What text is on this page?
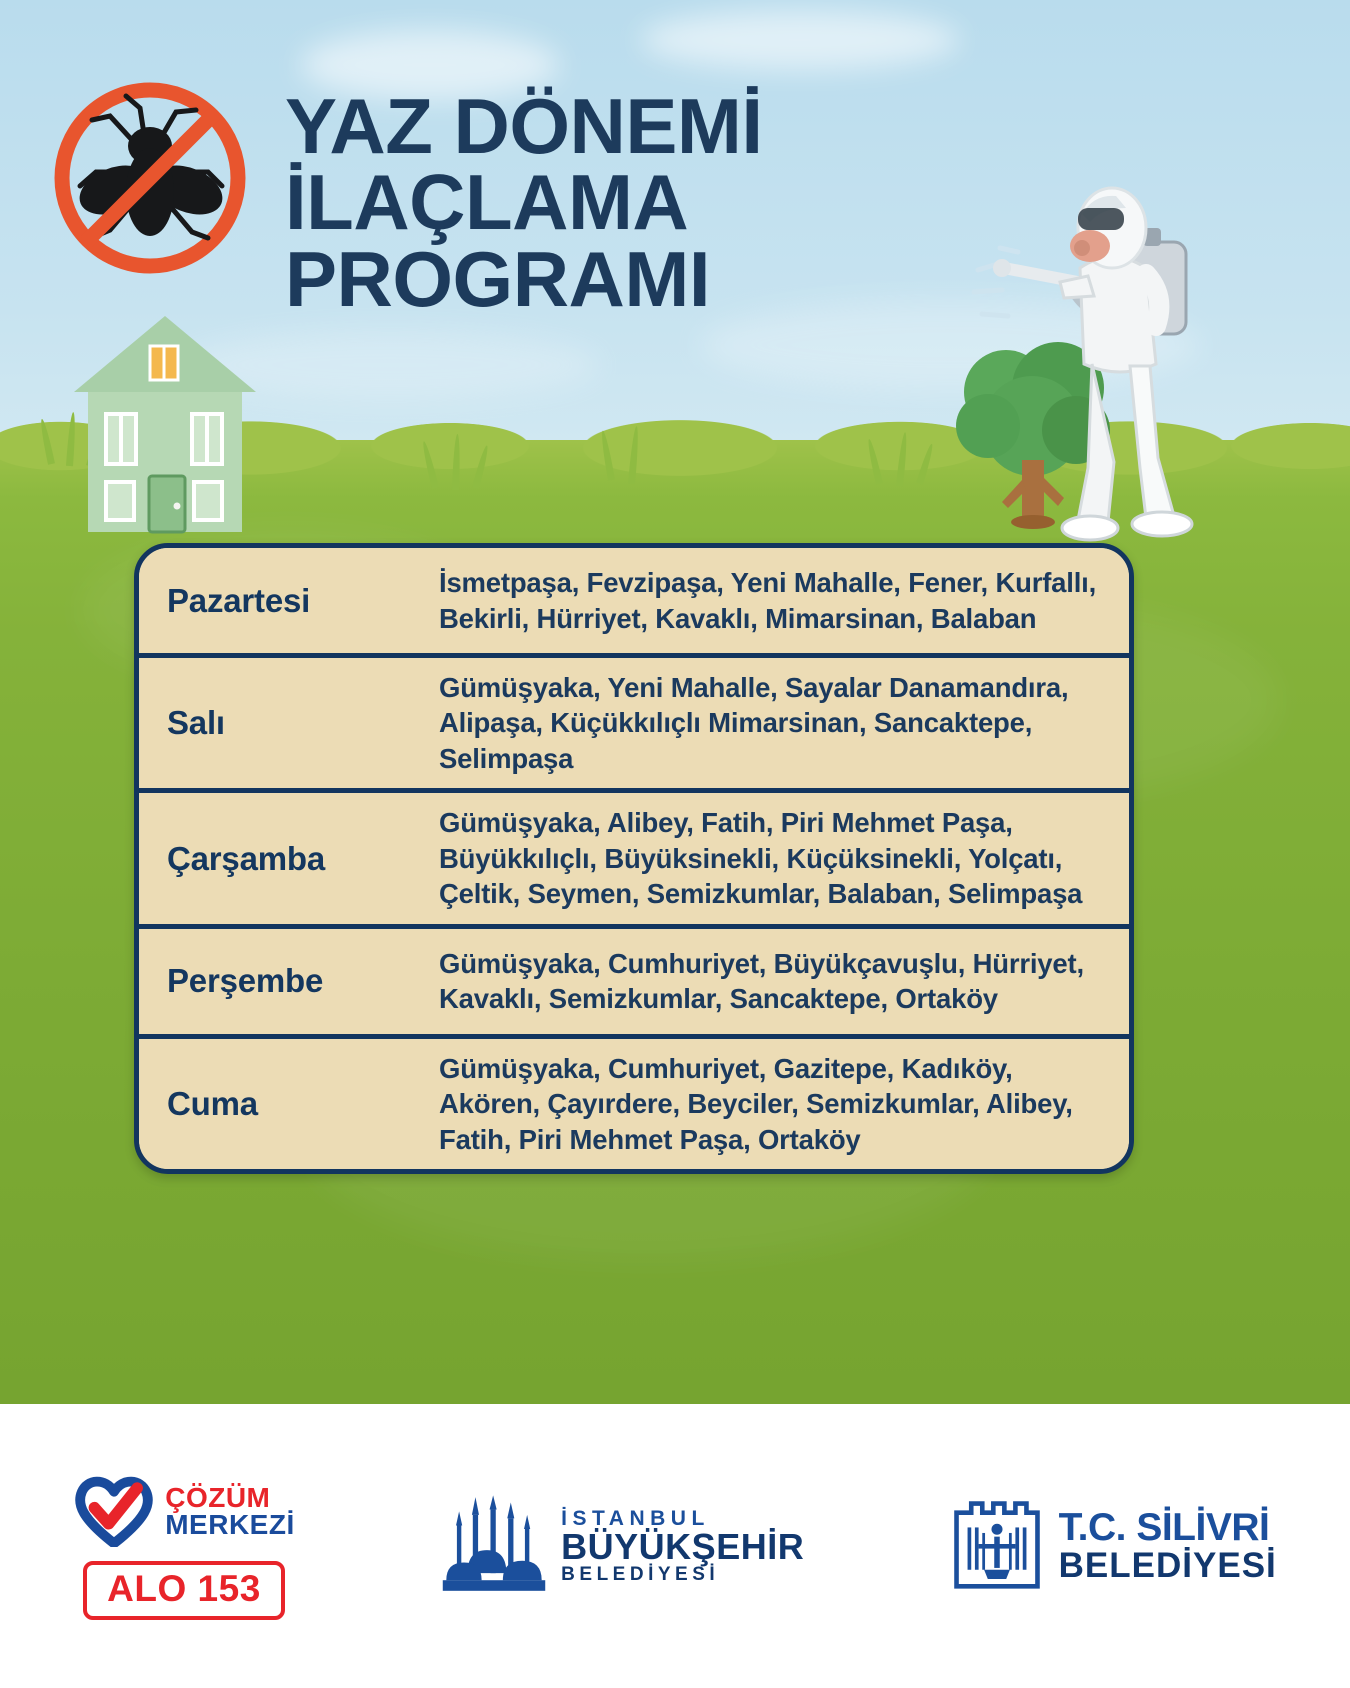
Pazartesi	İsmetpaşa, Fevzipaşa, Yeni Mahalle, Fener, Kurfallı, Bekirli, Hürriyet, Kavaklı, Mimarsinan, Balaban
Salı
Gümüşyaka, Yeni Mahalle, Sayalar Danamandıra, Alipaşa, Küçükkılıçlı Mimarsinan, Sancaktepe, Selimpaşa
Çarşamba
Gümüşyaka, Alibey, Fatih, Piri Mehmet Paşa, Büyükkılıçlı, Büyüksinekli, Küçüksinekli, Yolçatı, Çeltik, Seymen, Semizkumlar, Balaban, Selimpaşa
Perşembe	Gümüşyaka, Cumhuriyet, Büyükçavuşlu, Hürriyet, Kavaklı, Semizkumlar, Sancaktepe, Ortaköy
Cuma
Gümüşyaka, Cumhuriyet, Gazitepe, Kadıköy, Akören, Çayırdere, Beyciler, Semizkumlar, Alibey, Fatih, Piri Mehmet Paşa, Ortaköy
YAZ DÖNEMİ
İLAÇLAMA
PROGRAMI
ÇÖZÜM
MERKEZİ
ALO 153
İSTANBUL
BÜYÜKŞEHİR
BELEDİYESİ
T.C. SİLİVRİ
BELEDİYESİ
